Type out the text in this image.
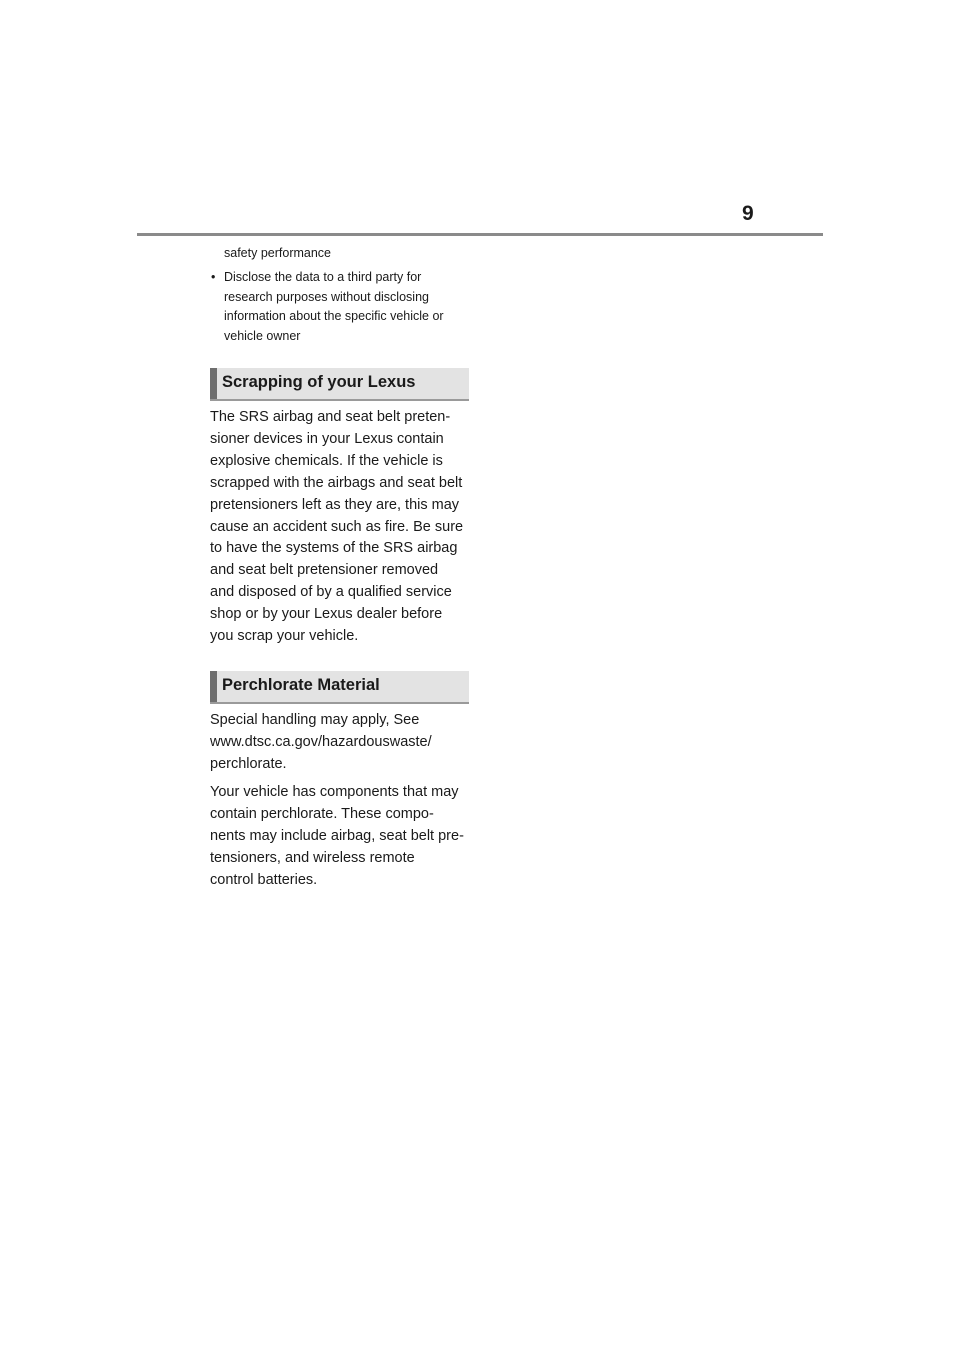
9
safety performance
• Disclose the data to a third party for
research purposes without disclosing
information about the specific vehicle or
vehicle owner
Scrapping of your Lexus
The SRS airbag and seat belt preten-
sioner devices in your Lexus contain
explosive chemicals. If the vehicle is
scrapped with the airbags and seat belt
pretensioners left as they are, this may
cause an accident such as fire. Be sure
to have the systems of the SRS airbag
and seat belt pretensioner removed
and disposed of by a qualified service
shop or by your Lexus dealer before
you scrap your vehicle.
Perchlorate Material
Special handling may apply, See
www.dtsc.ca.gov/hazardouswaste/
perchlorate.
Your vehicle has components that may
contain perchlorate. These compo-
nents may include airbag, seat belt pre-
tensioners, and wireless remote
control batteries.
